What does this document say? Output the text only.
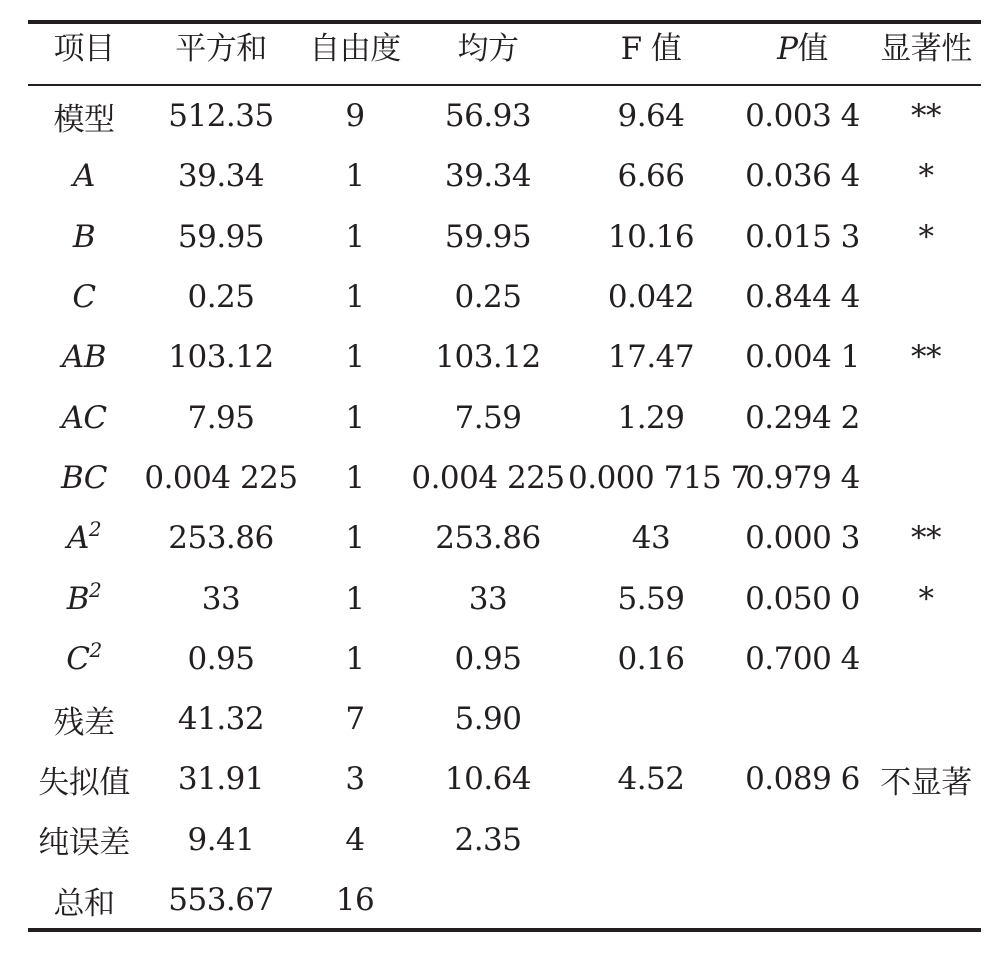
项目	平方和	自由度	均方	F 值	P值	显著性
模型	512.35	9	56.93	9.64	0.003 4	**
A	39.34	1	39.34	6.66	0.036 4	*
B	59.95	1	59.95	10.16	0.015 3	*
C	0.25	1	0.25	0.042	0.844 4	
AB	103.12	1	103.12	17.47	0.004 1	**
AC	7.95	1	7.59	1.29	0.294 2	
BC	0.004 225	1	0.004 225	0.000 715 7	0.979 4	
$A^2$	253.86	1	253.86	43	0.000 3	**
$B^2$	33	1	33	5.59	0.050 0	*
$C^2$	0.95	1	0.95	0.16	0.700 4	
残差	41.32	7	5.90			
失拟值	31.91	3	10.64	4.52	0.089 6	不显著
纯误差	9.41	4	2.35			
总和	553.67	16				
